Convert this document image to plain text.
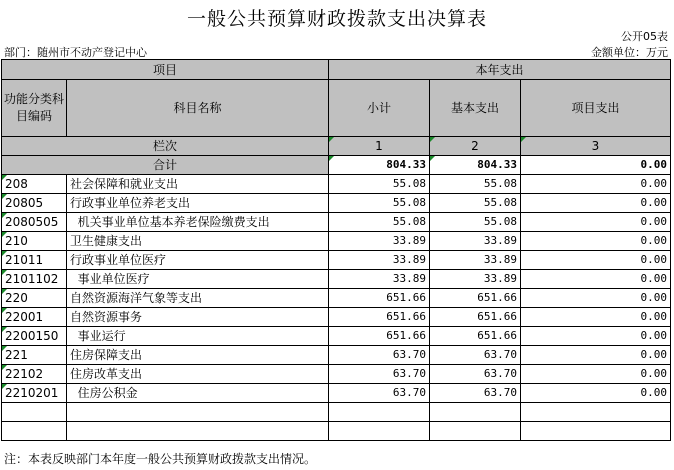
一般公共预算财政拨款支出决算表
公开05表
部门：随州市不动产登记中心	金额单位：万元
项目		本年支出		
功能分类科目编码	科目名称	小计	基本支出	项目支出
栏次		1	2	3
合计		804.33	804.33	0.00
208	社会保障和就业支出	55.08	55.08	0.00
20805	行政事业单位养老支出	55.08	55.08	0.00
2080505	机关事业单位基本养老保险缴费支出	55.08	55.08	0.00
210	卫生健康支出	33.89	33.89	0.00
21011	行政事业单位医疗	33.89	33.89	0.00
2101102	事业单位医疗	33.89	33.89	0.00
220	自然资源海洋气象等支出	651.66	651.66	0.00
22001	自然资源事务	651.66	651.66	0.00
2200150	事业运行	651.66	651.66	0.00
221	住房保障支出	63.70	63.70	0.00
22102	住房改革支出	63.70	63.70	0.00
2210201	住房公积金	63.70	63.70	0.00

注：本表反映部门本年度一般公共预算财政拨款支出情况。
